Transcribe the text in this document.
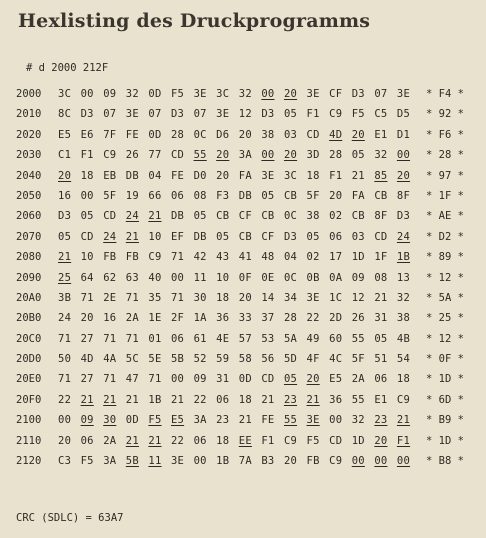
Hexlisting des Druckprogramms
# d 2000 212F
2000	3C 00 09 32 0D F5 3E 3C 32 00 20 3E CF D3 07 3E	* F4 *
2010	8C D3 07 3E 07 D3 07 3E 12 D3 05 F1 C9 F5 C5 D5	* 92 *
2020	E5 E6 7F FE 0D 28 0C D6 20 38 03 CD 4D 20 E1 D1	* F6 *
2030	C1 F1 C9 26 77 CD 55 20 3A 00 20 3D 28 05 32 00	* 28 *
2040	20 18 EB DB 04 FE D0 20 FA 3E 3C 18 F1 21 85 20	* 97 *
2050	16 00 5F 19 66 06 08 F3 DB 05 CB 5F 20 FA CB 8F	* 1F *
2060	D3 05 CD 24 21 DB 05 CB CF CB 0C 38 02 CB 8F D3	* AE *
2070	05 CD 24 21 10 EF DB 05 CB CF D3 05 06 03 CD 24	* D2 *
2080	21 10 FB FB C9 71 42 43 41 48 04 02 17 1D 1F 1B	* 89 *
2090	25 64 62 63 40 00 11 10 0F 0E 0C 0B 0A 09 08 13	* 12 *
20A0	3B 71 2E 71 35 71 30 18 20 14 34 3E 1C 12 21 32	* 5A *
20B0	24 20 16 2A 1E 2F 1A 36 33 37 28 22 2D 26 31 38	* 25 *
20C0	71 27 71 71 01 06 61 4E 57 53 5A 49 60 55 05 4B	* 12 *
20D0	50 4D 4A 5C 5E 5B 52 59 58 56 5D 4F 4C 5F 51 54	* 0F *
20E0	71 27 71 47 71 00 09 31 0D CD 05 20 E5 2A 06 18	* 1D *
20F0	22 21 21 21 1B 21 22 06 18 21 23 21 36 55 E1 C9	* 6D *
2100	00 09 30 0D F5 E5 3A 23 21 FE 55 3E 00 32 23 21	* B9 *
2110	20 06 2A 21 21 22 06 18 EE F1 C9 F5 CD 1D 20 F1	* 1D *
2120	C3 F5 3A 5B 11 3E 00 1B 7A B3 20 FB C9 00 00 00	* B8 *
CRC (SDLC) = 63A7
